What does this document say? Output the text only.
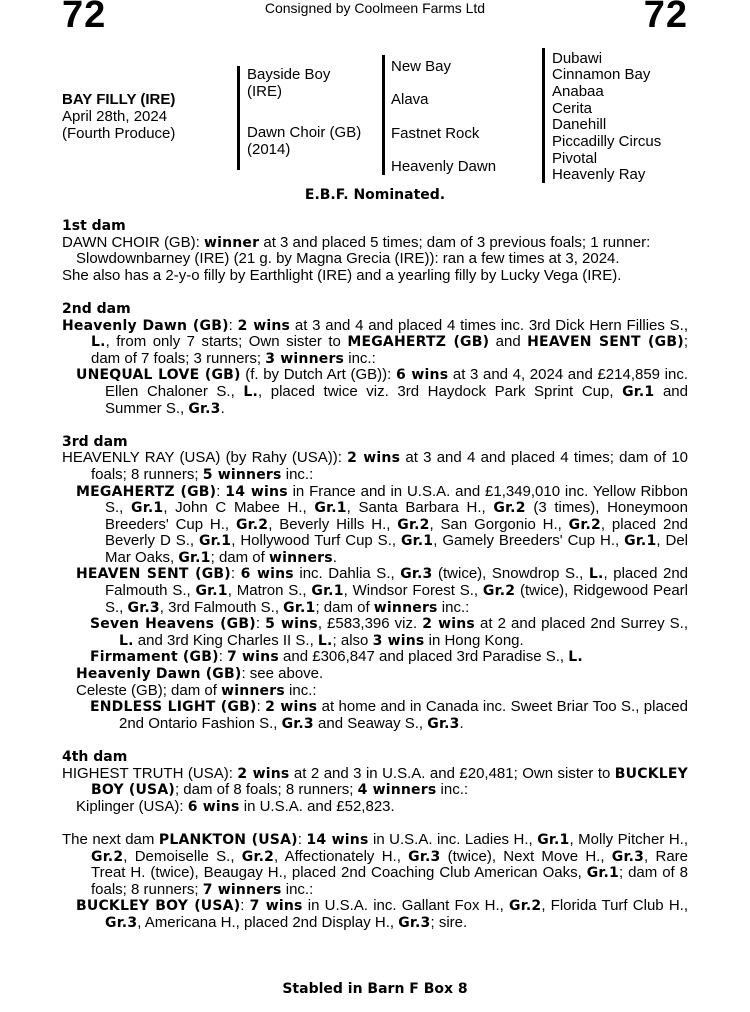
72	Consigned by Coolmeen Farms Ltd	72
BAY FILLY (IRE)
April 28th, 2024
(Fourth Produce)
Bayside Boy
(IRE)
Dawn Choir (GB)
(2014)
New Bay
Alava
Fastnet Rock
Heavenly Dawn
Dubawi
Cinnamon Bay
Anabaa
Cerita
Danehill
Piccadilly Circus
Pivotal
Heavenly Ray
E.B.F. Nominated.

1st dam

DAWN CHOIR (GB): winner at 3 and placed 5 times; dam of 3 previous foals; 1 runner:

Slowdownbarney (IRE) (21 g. by Magna Grecia (IRE)): ran a few times at 3, 2024.

She also has a 2-y-o filly by Earthlight (IRE) and a yearling filly by Lucky Vega (IRE).

2nd dam

Heavenly Dawn (GB): 2 wins at 3 and 4 and placed 4 times inc. 3rd Dick Hern Fillies S., L., from only 7 starts; Own sister to MEGAHERTZ (GB) and HEAVEN SENT (GB); dam of 7 foals; 3 runners; 3 winners inc.:

UNEQUAL LOVE (GB) (f. by Dutch Art (GB)): 6 wins at 3 and 4, 2024 and £214,859 inc. Ellen Chaloner S., L., placed twice viz. 3rd Haydock Park Sprint Cup, Gr.1 and Summer S., Gr.3.

3rd dam

HEAVENLY RAY (USA) (by Rahy (USA)): 2 wins at 3 and 4 and placed 4 times; dam of 10 foals; 8 runners; 5 winners inc.:

MEGAHERTZ (GB): 14 wins in France and in U.S.A. and £1,349,010 inc. Yellow Ribbon S., Gr.1, John C Mabee H., Gr.1, Santa Barbara H., Gr.2 (3 times), Honeymoon Breeders' Cup H., Gr.2, Beverly Hills H., Gr.2, San Gorgonio H., Gr.2, placed 2nd Beverly D S., Gr.1, Hollywood Turf Cup S., Gr.1, Gamely Breeders' Cup H., Gr.1, Del Mar Oaks, Gr.1; dam of winners.

HEAVEN SENT (GB): 6 wins inc. Dahlia S., Gr.3 (twice), Snowdrop S., L., placed 2nd Falmouth S., Gr.1, Matron S., Gr.1, Windsor Forest S., Gr.2 (twice), Ridgewood Pearl S., Gr.3, 3rd Falmouth S., Gr.1; dam of winners inc.:

Seven Heavens (GB): 5 wins, £583,396 viz. 2 wins at 2 and placed 2nd Surrey S., L. and 3rd King Charles II S., L.; also 3 wins in Hong Kong.

Firmament (GB): 7 wins and £306,847 and placed 3rd Paradise S., L.

Heavenly Dawn (GB): see above.

Celeste (GB); dam of winners inc.:

ENDLESS LIGHT (GB): 2 wins at home and in Canada inc. Sweet Briar Too S., placed 2nd Ontario Fashion S., Gr.3 and Seaway S., Gr.3.

4th dam

HIGHEST TRUTH (USA): 2 wins at 2 and 3 in U.S.A. and £20,481; Own sister to BUCKLEY BOY (USA); dam of 8 foals; 8 runners; 4 winners inc.:

Kiplinger (USA): 6 wins in U.S.A. and £52,823.

The next dam PLANKTON (USA): 14 wins in U.S.A. inc. Ladies H., Gr.1, Molly Pitcher H., Gr.2, Demoiselle S., Gr.2, Affectionately H., Gr.3 (twice), Next Move H., Gr.3, Rare Treat H. (twice), Beaugay H., placed 2nd Coaching Club American Oaks, Gr.1; dam of 8 foals; 8 runners; 7 winners inc.:

BUCKLEY BOY (USA): 7 wins in U.S.A. inc. Gallant Fox H., Gr.2, Florida Turf Club H., Gr.3, Americana H., placed 2nd Display H., Gr.3; sire.

Stabled in Barn F Box 8
